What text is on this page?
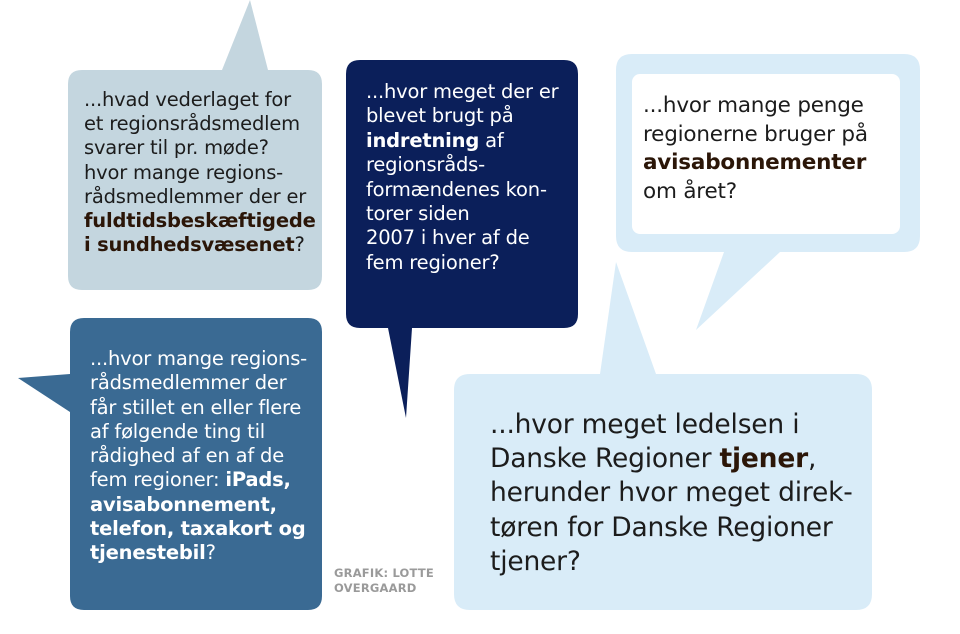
...hvad vederlaget for
et regionsrådsmedlem
svarer til pr. møde?
hvor mange regions-
rådsmedlemmer der er
fuldtidsbeskæftigede
i sundhedsvæsenet?
...hvor meget der er
blevet brugt på
indretning af
regionsråds-
formændenes kon-
torer siden
2007 i hver af de
fem regioner?
...hvor mange penge
regionerne bruger på
avisabonnementer
om året?
...hvor mange regions-
rådsmedlemmer der
får stillet en eller flere
af følgende ting til
rådighed af en af de
fem regioner: iPads,
avisabonnement,
telefon, taxakort og
tjenestebil?
...hvor meget ledelsen i
Danske Regioner tjener,
herunder hvor meget direk-
tøren for Danske Regioner
tjener?
GRAFIK: LOTTE
OVERGAARD
